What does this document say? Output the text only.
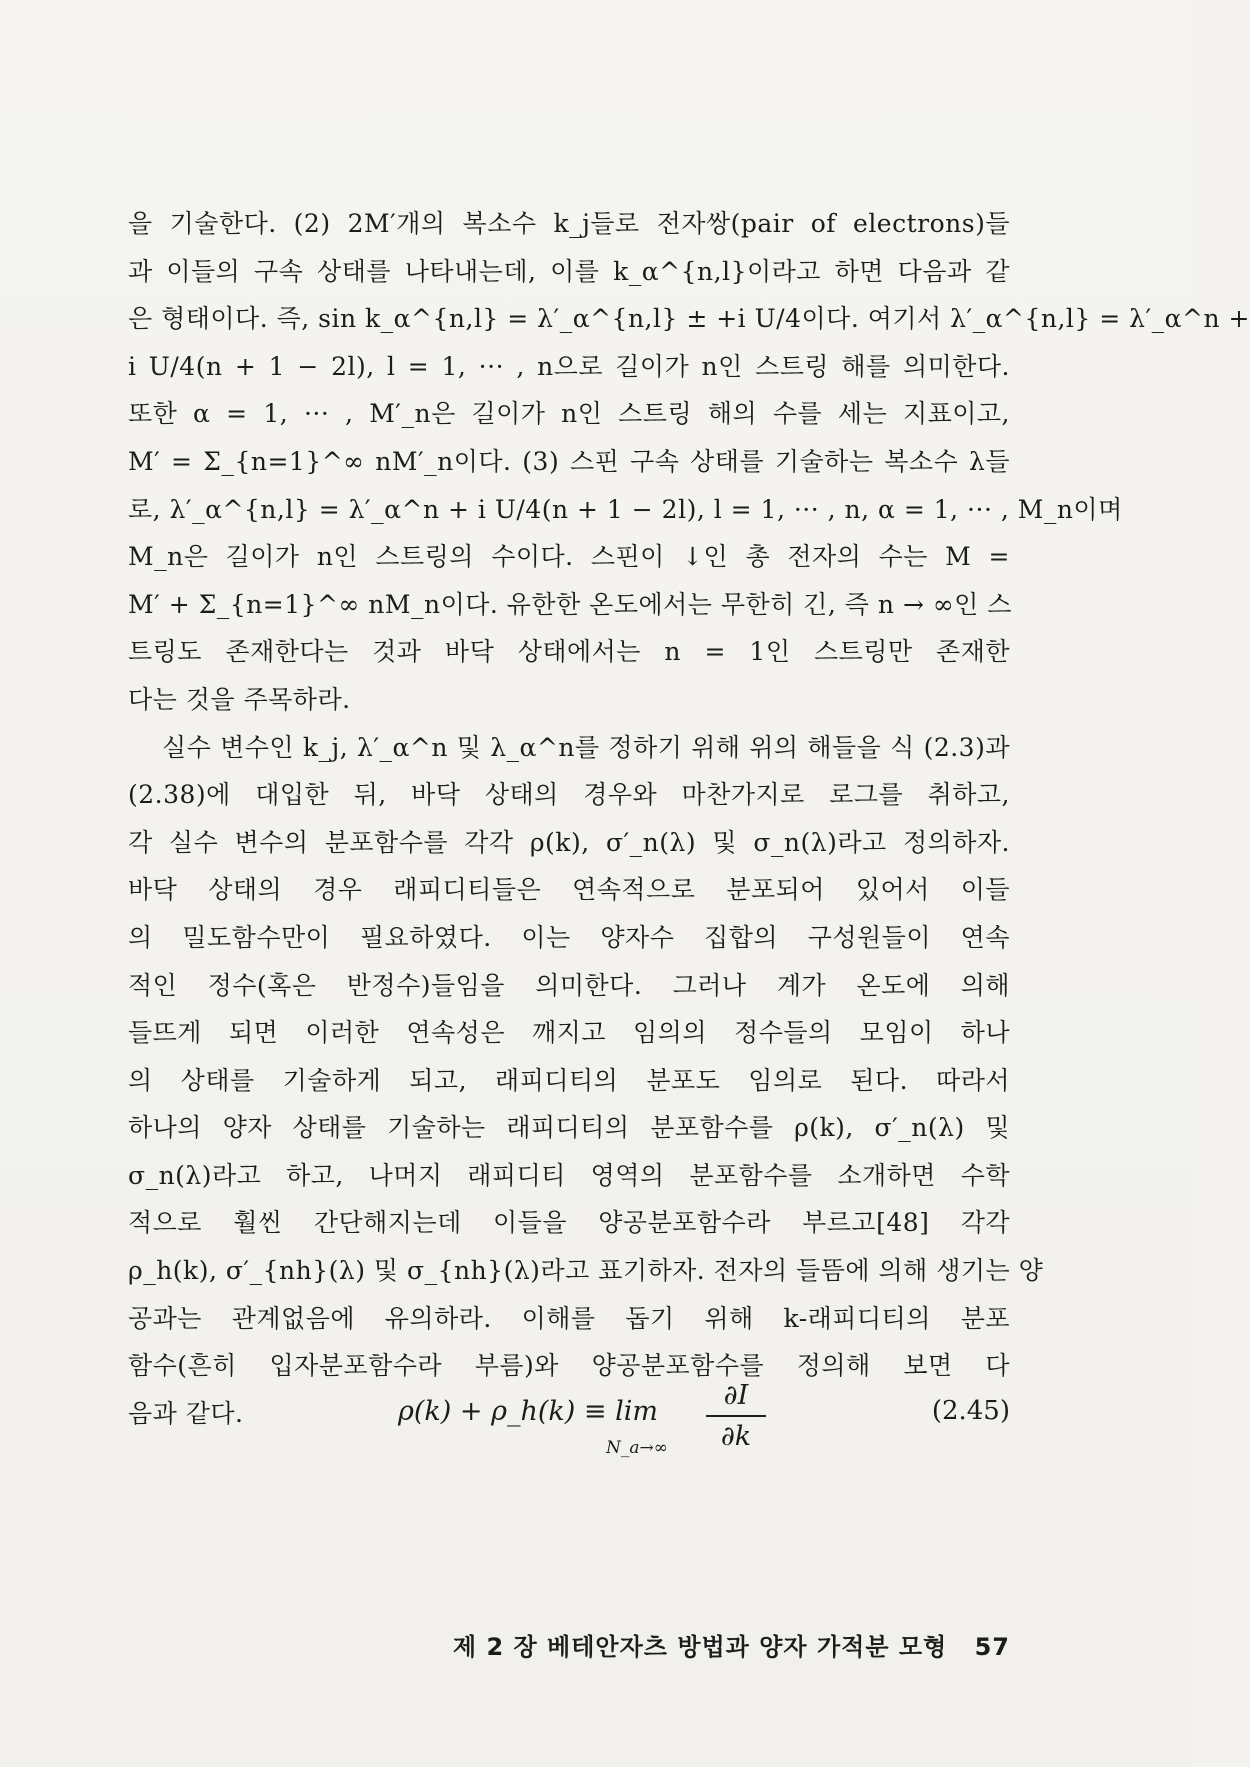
을 기술한다. (2) 2M′개의 복소수 k_j들로 전자쌍(pair of electrons)들
과 이들의 구속 상태를 나타내는데, 이를 k_α^{n,l}이라고 하면 다음과 같
은 형태이다. 즉, sin k_α^{n,l} = λ′_α^{n,l} ± +i U/4이다. 여기서 λ′_α^{n,l} = λ′_α^n +
i U/4(n + 1 − 2l), l = 1, ··· , n으로 길이가 n인 스트링 해를 의미한다.
또한 α = 1, ··· , M′_n은 길이가 n인 스트링 해의 수를 세는 지표이고,
M′ = Σ_{n=1}^∞ nM′_n이다. (3) 스핀 구속 상태를 기술하는 복소수 λ들
로, λ′_α^{n,l} = λ′_α^n + i U/4(n + 1 − 2l), l = 1, ··· , n, α = 1, ··· , M_n이며
M_n은 길이가 n인 스트링의 수이다. 스핀이 ↓인 총 전자의 수는 M =
M′ + Σ_{n=1}^∞ nM_n이다. 유한한 온도에서는 무한히 긴, 즉 n → ∞인 스
트링도 존재한다는 것과 바닥 상태에서는 n = 1인 스트링만 존재한
다는 것을 주목하라.
실수 변수인 k_j, λ′_α^n 및 λ_α^n를 정하기 위해 위의 해들을 식 (2.3)과
(2.38)에 대입한 뒤, 바닥 상태의 경우와 마찬가지로 로그를 취하고,
각 실수 변수의 분포함수를 각각 ρ(k), σ′_n(λ) 및 σ_n(λ)라고 정의하자.
바닥 상태의 경우 래피디티들은 연속적으로 분포되어 있어서 이들
의 밀도함수만이 필요하였다. 이는 양자수 집합의 구성원들이 연속
적인 정수(혹은 반정수)들임을 의미한다. 그러나 계가 온도에 의해
들뜨게 되면 이러한 연속성은 깨지고 임의의 정수들의 모임이 하나
의 상태를 기술하게 되고, 래피디티의 분포도 임의로 된다. 따라서
하나의 양자 상태를 기술하는 래피디티의 분포함수를 ρ(k), σ′_n(λ) 및
σ_n(λ)라고 하고, 나머지 래피디티 영역의 분포함수를 소개하면 수학
적으로 훨씬 간단해지는데 이들을 양공분포함수라 부르고[48] 각각
ρ_h(k), σ′_{nh}(λ) 및 σ_{nh}(λ)라고 표기하자. 전자의 들뜸에 의해 생기는 양
공과는 관계없음에 유의하라. 이해를 돕기 위해 k-래피디티의 분포
함수(흔히 입자분포함수라 부름)와 양공분포함수를 정의해 보면 다
음과 같다.	ρ(k) + ρ_h(k) ≡ lim
N_a→∞
∂I
∂k
(2.45)
제 2 장 베테안자츠 방법과 양자 가적분 모형 57
